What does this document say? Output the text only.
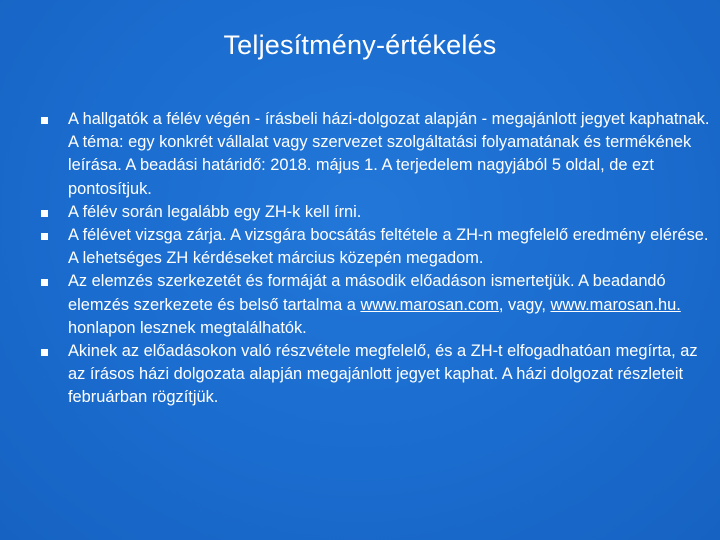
Teljesítmény-értékelés
A hallgatók a félév végén - írásbeli házi-dolgozat alapján - megajánlott jegyet kaphatnak. A téma: egy konkrét vállalat vagy szervezet szolgáltatási folyamatának és termékének leírása. A beadási határidő: 2018. május 1. A terjedelem nagyjából 5 oldal, de ezt pontosítjuk.
A félév során legalább egy ZH-k kell írni.
A félévet vizsga zárja. A vizsgára bocsátás feltétele a ZH-n megfelelő eredmény elérése. A lehetséges ZH kérdéseket március közepén megadom.
Az elemzés szerkezetét és formáját a második előadáson ismertetjük. A beadandó elemzés szerkezete és belső tartalma a www.marosan.com, vagy, www.marosan.hu. honlapon lesznek megtalálhatók.
Akinek az előadásokon való részvétele megfelelő, és a ZH-t elfogadhatóan megírta, az az írásos házi dolgozata alapján megajánlott jegyet kaphat. A házi dolgozat részleteit februárban rögzítjük.
